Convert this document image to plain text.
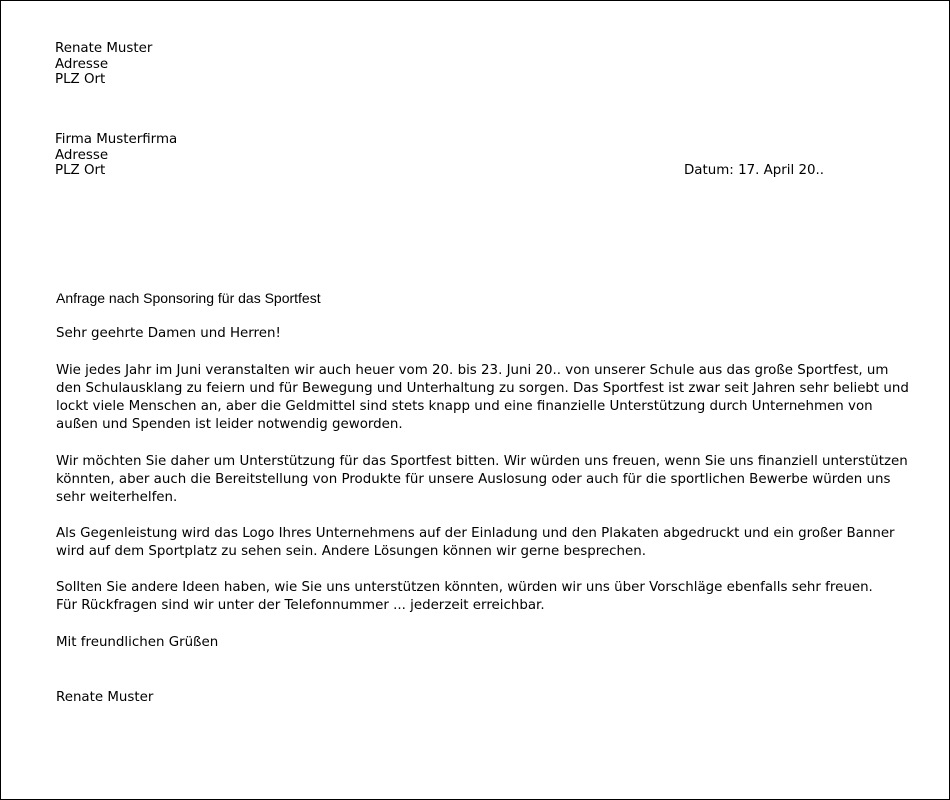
Renate Muster
Adresse
PLZ Ort
Firma Musterfirma
Adresse
PLZ Ort	Datum: 17. April 20..
Anfrage nach Sponsoring für das Sportfest
Sehr geehrte Damen und Herren!
Wie jedes Jahr im Juni veranstalten wir auch heuer vom 20. bis 23. Juni 20.. von unserer Schule aus das große Sportfest, um
den Schulausklang zu feiern und für Bewegung und Unterhaltung zu sorgen. Das Sportfest ist zwar seit Jahren sehr beliebt und
lockt viele Menschen an, aber die Geldmittel sind stets knapp und eine finanzielle Unterstützung durch Unternehmen von
außen und Spenden ist leider notwendig geworden.
Wir möchten Sie daher um Unterstützung für das Sportfest bitten. Wir würden uns freuen, wenn Sie uns finanziell unterstützen
könnten, aber auch die Bereitstellung von Produkte für unsere Auslosung oder auch für die sportlichen Bewerbe würden uns
sehr weiterhelfen.
Als Gegenleistung wird das Logo Ihres Unternehmens auf der Einladung und den Plakaten abgedruckt und ein großer Banner
wird auf dem Sportplatz zu sehen sein. Andere Lösungen können wir gerne besprechen.
Sollten Sie andere Ideen haben, wie Sie uns unterstützen könnten, würden wir uns über Vorschläge ebenfalls sehr freuen.
Für Rückfragen sind wir unter der Telefonnummer ... jederzeit erreichbar.
Mit freundlichen Grüßen
Renate Muster
